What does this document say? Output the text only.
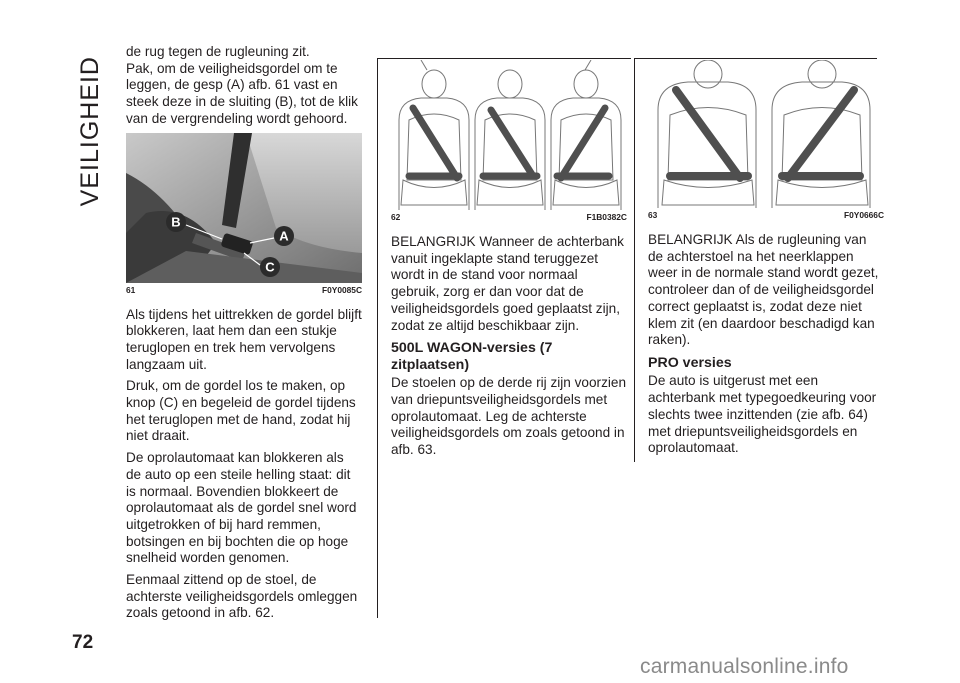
VEILIGHEID
72

de rug tegen de rugleuning zit.

Pak, om de veiligheidsgordel om te leggen, de gesp (A) afb. 61 vast en steek deze in de sluiting (B), tot de klik van de vergrendeling wordt gehoord.

B
A
C
61	F0Y0085C

Als tijdens het uittrekken de gordel blijft blokkeren, laat hem dan een stukje teruglopen en trek hem vervolgens langzaam uit.

Druk, om de gordel los te maken, op knop (C) en begeleid de gordel tijdens het teruglopen met de hand, zodat hij niet draait.

De oprolautomaat kan blokkeren als de auto op een steile helling staat: dit is normaal. Bovendien blokkeert de oprolautomaat als de gordel snel word uitgetrokken of bij hard remmen, botsingen en bij bochten die op hoge snelheid worden genomen.

Eenmaal zittend op de stoel, de achterste veiligheidsgordels omleggen zoals getoond in afb. 62.

62	F1B0382C

BELANGRIJK Wanneer de achterbank vanuit ingeklapte stand teruggezet wordt in de stand voor normaal gebruik, zorg er dan voor dat de veiligheidsgordels goed geplaatst zijn, zodat ze altijd beschikbaar zijn.

500L WAGON-versies (7 zitplaatsen)

De stoelen op de derde rij zijn voorzien van driepuntsveiligheidsgordels met oprolautomaat. Leg de achterste veiligheidsgordels om zoals getoond in afb. 63.

63	F0Y0666C

BELANGRIJK Als de rugleuning van de achterstoel na het neerklappen weer in de normale stand wordt gezet, controleer dan of de veiligheidsgordel correct geplaatst is, zodat deze niet klem zit (en daardoor beschadigd kan raken).

PRO versies

De auto is uitgerust met een achterbank met typegoedkeuring voor slechts twee inzittenden (zie afb. 64) met driepuntsveiligheidsgordels en oprolautomaat.

carmanualsonline.info
